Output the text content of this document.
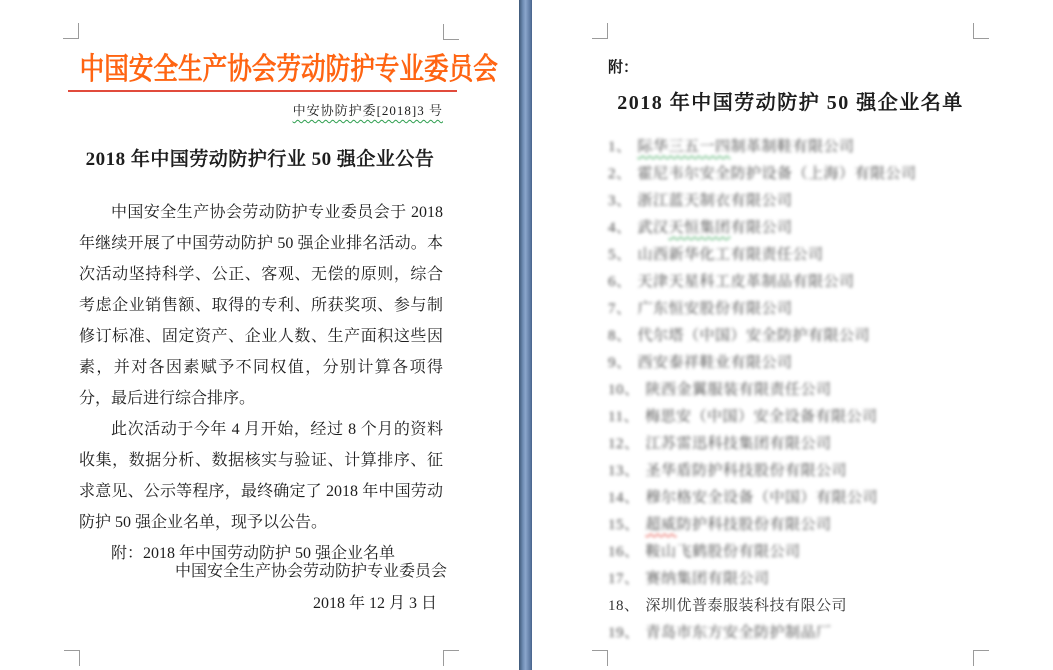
中国安全生产协会劳动防护专业委员会
中安协防护委[2018]3 号
2018 年中国劳动防护行业 50 强企业公告

中国安全生产协会劳动防护专业委员会于 2018 年继续开展了中国劳动防护 50 强企业排名活动。本次活动坚持科学、公正、客观、无偿的原则，综合考虑企业销售额、取得的专利、所获奖项、参与制修订标准、固定资产、企业人数、生产面积这些因素，并对各因素赋予不同权值，分别计算各项得分，最后进行综合排序。

此次活动于今年 4 月开始，经过 8 个月的资料收集，数据分析、数据核实与验证、计算排序、征求意见、公示等程序，最终确定了 2018 年中国劳动防护 50 强企业名单，现予以公告。

附：2018 年中国劳动防护 50 强企业名单

中国安全生产协会劳动防护专业委员会
2018 年 12 月 3 日
附：
2018 年中国劳动防护 50 强企业名单
1、 际华三五一四制革制鞋有限公司
2、 霍尼韦尔安全防护设备（上海）有限公司
3、 浙江蓝天制衣有限公司
4、 武汉天恒集团有限公司
5、 山西新华化工有限责任公司
6、 天津天星科工皮革制品有限公司
7、 广东恒安股份有限公司
8、 代尔塔（中国）安全防护有限公司
9、 西安泰祥鞋业有限公司
10、 陕西金翼服装有限责任公司
11、 梅思安（中国）安全设备有限公司
12、 江苏雷迅科技集团有限公司
13、 圣华盾防护科技股份有限公司
14、 穆尔格安全设备（中国）有限公司
15、 超威防护科技股份有限公司
16、 鞍山飞鹤股份有限公司
17、 赛纳集团有限公司
18、 深圳优普泰服装科技有限公司
19、 青岛市东方安全防护制品厂
